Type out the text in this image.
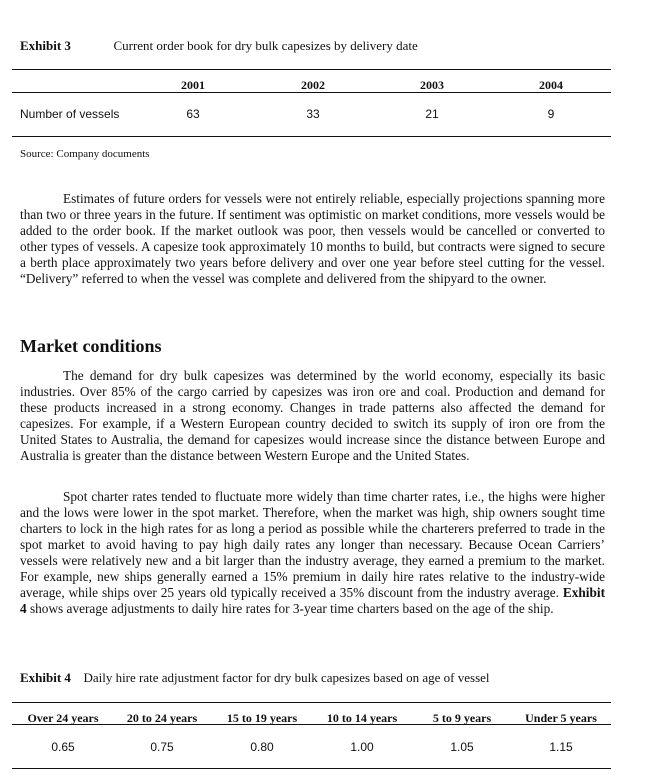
Exhibit 3	Current order book for dry bulk capesizes by delivery date
2001	2002	2003	2004
Number of vessels	63	33	21	9
Source: Company documents

Estimates of future orders for vessels were not entirely reliable, especially projections spanning more than two or three years in the future. If sentiment was optimistic on market conditions, more vessels would be added to the order book. If the market outlook was poor, then vessels would be cancelled or converted to other types of vessels. A capesize took approximately 10 months to build, but contracts were signed to secure a berth place approximately two years before delivery and over one year before steel cutting for the vessel. “Delivery” referred to when the vessel was complete and delivered from the shipyard to the owner.

Market conditions

The demand for dry bulk capesizes was determined by the world economy, especially its basic industries. Over 85% of the cargo carried by capesizes was iron ore and coal. Production and demand for these products increased in a strong economy. Changes in trade patterns also affected the demand for capesizes. For example, if a Western European country decided to switch its supply of iron ore from the United States to Australia, the demand for capesizes would increase since the distance between Europe and Australia is greater than the distance between Western Europe and the United States.

Spot charter rates tended to fluctuate more widely than time charter rates, i.e., the highs were higher and the lows were lower in the spot market. Therefore, when the market was high, ship owners sought time charters to lock in the high rates for as long a period as possible while the charterers preferred to trade in the spot market to avoid having to pay high daily rates any longer than necessary. Because Ocean Carriers’ vessels were relatively new and a bit larger than the industry average, they earned a premium to the market. For example, new ships generally earned a 15% premium in daily hire rates relative to the industry-wide average, while ships over 25 years old typically received a 35% discount from the industry average. Exhibit 4 shows average adjustments to daily hire rates for 3-year time charters based on the age of the ship.

Exhibit 4 Daily hire rate adjustment factor for dry bulk capesizes based on age of vessel
Over 24 years	20 to 24 years	15 to 19 years	10 to 14 years	5 to 9 years	Under 5 years
0.65	0.75	0.80	1.00	1.05	1.15
